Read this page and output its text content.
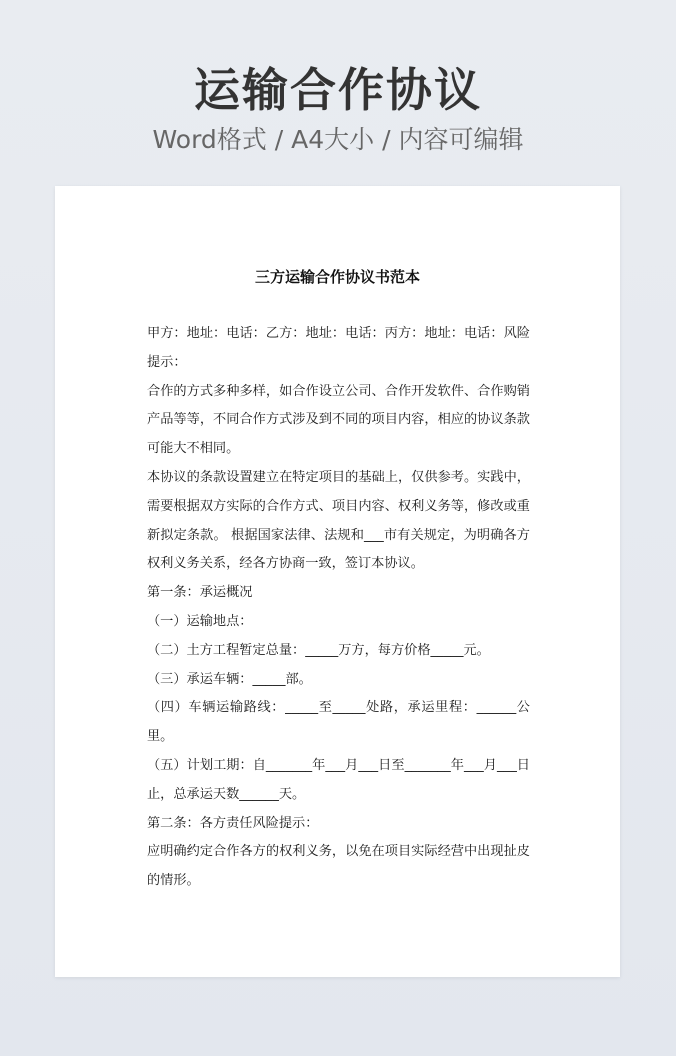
运输合作协议
Word格式 / A4大小 / 内容可编辑
三方运输合作协议书范本

甲方：地址：电话：乙方：地址：电话：丙方：地址：电话：风险提示：

合作的方式多种多样，如合作设立公司、合作开发软件、合作购销产品等等，不同合作方式涉及到不同的项目内容，相应的协议条款可能大不相同。

本协议的条款设置建立在特定项目的基础上，仅供参考。实践中，需要根据双方实际的合作方式、项目内容、权利义务等，修改或重新拟定条款。 根据国家法律、法规和___市有关规定，为明确各方权利义务关系，经各方协商一致，签订本协议。

第一条：承运概况

（一）运输地点：

（二）土方工程暂定总量：_____万方，每方价格_____元。

（三）承运车辆：_____部。

（四）车辆运输路线：_____至_____处路，承运里程：______公里。

（五）计划工期：自_______年___月___日至_______年___月___日止，总承运天数______天。

第二条：各方责任风险提示：

应明确约定合作各方的权利义务，以免在项目实际经营中出现扯皮的情形。
